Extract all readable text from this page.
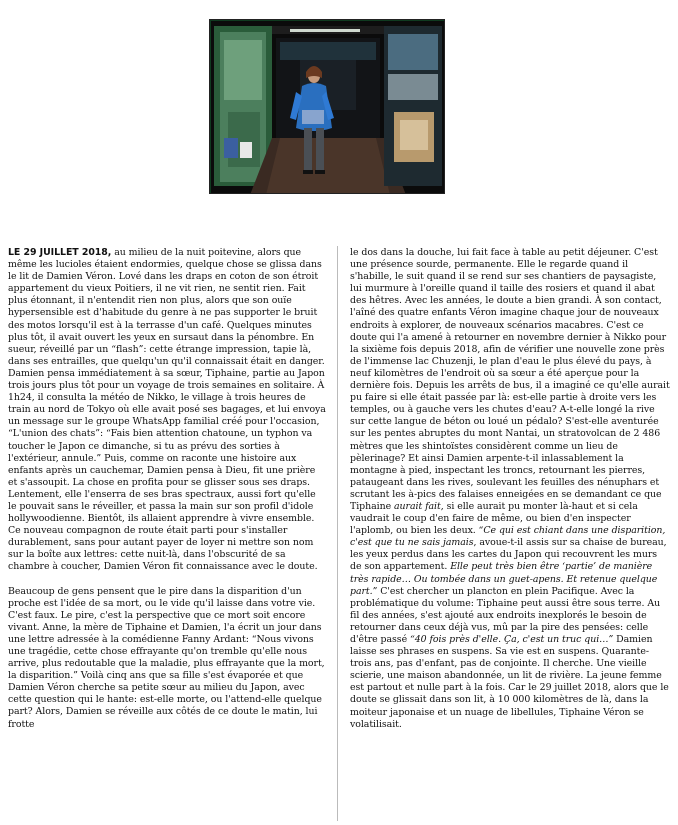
LE 29 JUILLET 2018, au milieu de la nuit poitevine, alors que même les lucioles étaient endormies, quelque chose se glissa dans le lit de Damien Véron. Lové dans les draps en coton de son étroit appartement du vieux Poitiers, il ne vit rien, ne sentit rien. Fait plus étonnant, il n'entendit rien non plus, alors que son ouïe hypersensible est d'habitude du genre à ne pas supporter le bruit des motos lorsqu'il est à la terrasse d'un café. Quelques minutes plus tôt, il avait ouvert les yeux en sursaut dans la pénombre. En sueur, réveillé par un “flash”: cette étrange impression, tapie là, dans ses entrailles, que quelqu'un qu'il connaissait était en danger. Damien pensa immédiatement à sa sœur, Tiphaine, partie au Japon trois jours plus tôt pour un voyage de trois semaines en solitaire. À 1h24, il consulta la météo de Nikko, le village à trois heures de train au nord de Tokyo où elle avait posé ses bagages, et lui envoya un message sur le groupe WhatsApp familial créé pour l'occasion, “L'union des chats”: “Fais bien attention chatoune, un typhon va toucher le Japon ce dimanche, si tu as prévu des sorties à l'extérieur, annule.” Puis, comme on raconte une histoire aux enfants après un cauchemar, Damien pensa à Dieu, fit une prière et s'assoupit. La chose en profita pour se glisser sous ses draps. Lentement, elle l'enserra de ses bras spectraux, aussi fort qu'elle le pouvait sans le réveiller, et passa la main sur son profil d'idole hollywoodienne. Bientôt, ils allaient apprendre à vivre ensemble. Ce nouveau compagnon de route était parti pour s'installer durablement, sans pour autant payer de loyer ni mettre son nom sur la boîte aux lettres: cette nuit-là, dans l'obscurité de sa chambre à coucher, Damien Véron fit connaissance avec le doute.

Beaucoup de gens pensent que le pire dans la disparition d'un proche est l'idée de sa mort, ou le vide qu'il laisse dans votre vie. C'est faux. Le pire, c'est la perspective que ce mort soit encore vivant. Anne, la mère de Tiphaine et Damien, l'a écrit un jour dans une lettre adressée à la comédienne Fanny Ardant: “Nous vivons une tragédie, cette chose effrayante qu'on tremble qu'elle nous arrive, plus redoutable que la maladie, plus effrayante que la mort, la disparition.” Voilà cinq ans que sa fille s'est évaporée et que Damien Véron cherche sa petite sœur au milieu du Japon, avec cette question qui le hante: est-elle morte, ou l'attend-elle quelque part? Alors, Damien se réveille aux côtés de ce doute le matin, lui frotte

le dos dans la douche, lui fait face à table au petit déjeuner. C'est une présence sourde, permanente. Elle le regarde quand il s'habille, le suit quand il se rend sur ses chantiers de paysagiste, lui murmure à l'oreille quand il taille des rosiers et quand il abat des hêtres. Avec les années, le doute a bien grandi. À son contact, l'aîné des quatre enfants Véron imagine chaque jour de nouveaux endroits à explorer, de nouveaux scénarios macabres. C'est ce doute qui l'a amené à retourner en novembre dernier à Nikko pour la sixième fois depuis 2018, afin de vérifier une nouvelle zone près de l'immense lac Chuzenji, le plan d'eau le plus élevé du pays, à neuf kilomètres de l'endroit où sa sœur a été aperçue pour la dernière fois. Depuis les arrêts de bus, il a imaginé ce qu'elle aurait pu faire si elle était passée par là: est-elle partie à droite vers les temples, ou à gauche vers les chutes d'eau? A-t-elle longé la rive sur cette langue de béton ou loué un pédalo? S'est-elle aventurée sur les pentes abruptes du mont Nantai, un stratovolcan de 2 486 mètres que les shintoïstes considèrent comme un lieu de pèlerinage? Et ainsi Damien arpente-t-il inlassablement la montagne à pied, inspectant les troncs, retournant les pierres, pataugeant dans les rives, soulevant les feuilles des nénuphars et scrutant les à-pics des falaises enneigées en se demandant ce que Tiphaine aurait fait, si elle aurait pu monter là-haut et si cela vaudrait le coup d'en faire de même, ou bien d'en inspecter l'aplomb, ou bien les deux. “Ce qui est chiant dans une disparition, c'est que tu ne sais jamais, avoue-t-il assis sur sa chaise de bureau, les yeux perdus dans les cartes du Japon qui recouvrent les murs de son appartement. Elle peut très bien être ‘partie’ de manière très rapide… Ou tombée dans un guet-apens. Et retenue quelque part.” C'est chercher un plancton en plein Pacifique. Avec la problématique du volume: Tiphaine peut aussi être sous terre. Au fil des années, s'est ajouté aux endroits inexplorés le besoin de retourner dans ceux déjà vus, mû par la pire des pensées: celle d'être passé “40 fois près d'elle. Ça, c'est un truc qui…” Damien laisse ses phrases en suspens. Sa vie est en suspens. Quarante-trois ans, pas d'enfant, pas de conjointe. Il cherche. Une vieille scierie, une maison abandonnée, un lit de rivière. La jeune femme est partout et nulle part à la fois. Car le 29 juillet 2018, alors que le doute se glissait dans son lit, à 10 000 kilomètres de là, dans la moiteur japonaise et un nuage de libellules, Tiphaine Véron se volatilisait.
